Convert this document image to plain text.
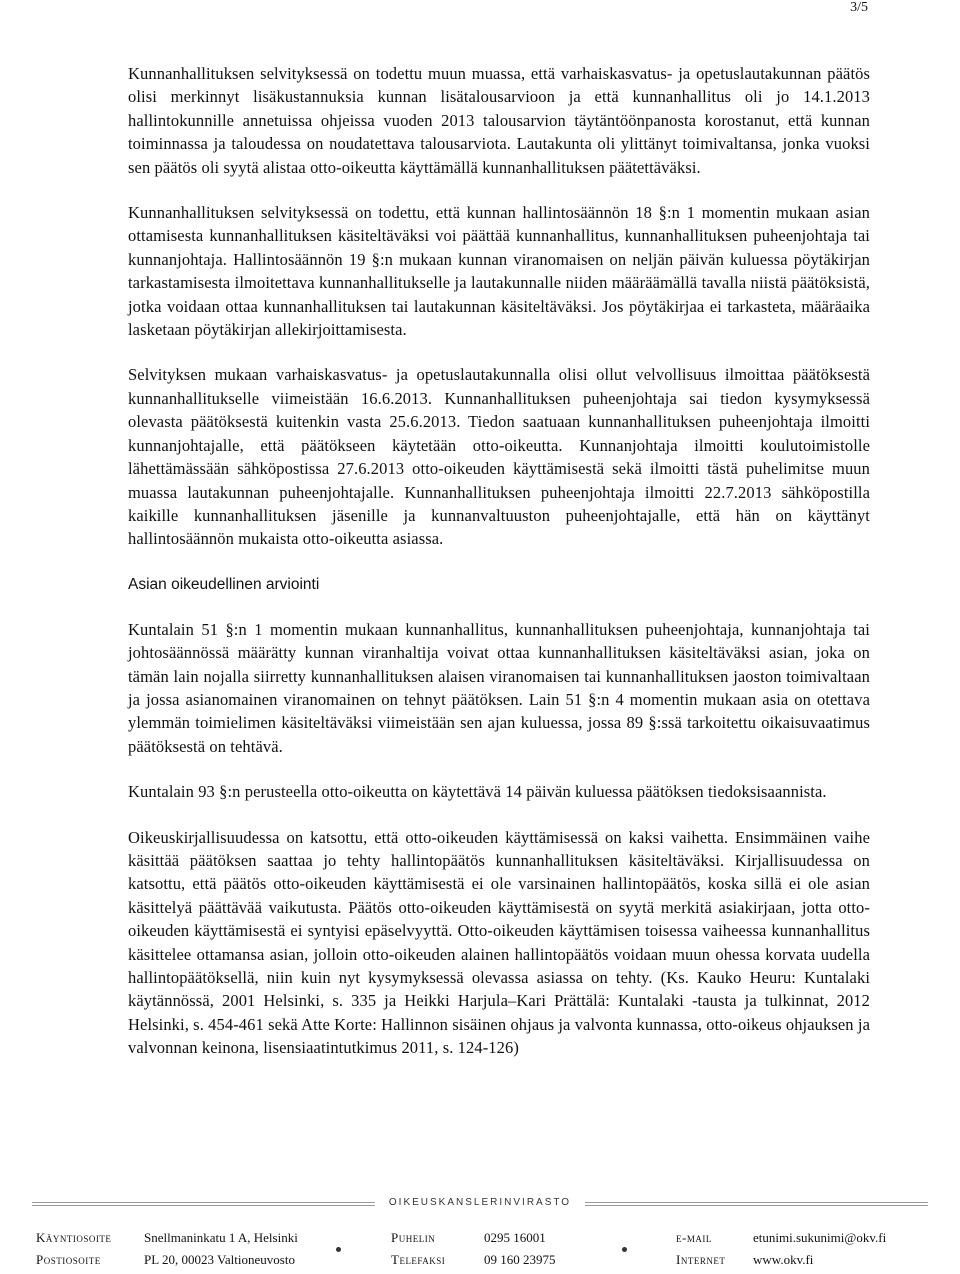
3/5

Kunnanhallituksen selvityksessä on todettu muun muassa, että varhaiskasvatus- ja opetuslautakunnan päätös olisi merkinnyt lisäkustannuksia kunnan lisätalousarvioon ja että kunnanhallitus oli jo 14.1.2013 hallintokunnille annetuissa ohjeissa vuoden 2013 talousarvion täytäntöönpanosta korostanut, että kunnan toiminnassa ja taloudessa on noudatettava talousarviota. Lautakunta oli ylittänyt toimivaltansa, jonka vuoksi sen päätös oli syytä alistaa otto-oikeutta käyttämällä kunnanhallituksen päätettäväksi.

Kunnanhallituksen selvityksessä on todettu, että kunnan hallintosäännön 18 §:n 1 momentin mukaan asian ottamisesta kunnanhallituksen käsiteltäväksi voi päättää kunnanhallitus, kunnanhallituksen puheenjohtaja tai kunnanjohtaja. Hallintosäännön 19 §:n mukaan kunnan viranomaisen on neljän päivän kuluessa pöytäkirjan tarkastamisesta ilmoitettava kunnanhallitukselle ja lautakunnalle niiden määräämällä tavalla niistä päätöksistä, jotka voidaan ottaa kunnanhallituksen tai lautakunnan käsiteltäväksi. Jos pöytäkirjaa ei tarkasteta, määräaika lasketaan pöytäkirjan allekirjoittamisesta.

Selvityksen mukaan varhaiskasvatus- ja opetuslautakunnalla olisi ollut velvollisuus ilmoittaa päätöksestä kunnanhallitukselle viimeistään 16.6.2013. Kunnanhallituksen puheenjohtaja sai tiedon kysymyksessä olevasta päätöksestä kuitenkin vasta 25.6.2013. Tiedon saatuaan kunnanhallituksen puheenjohtaja ilmoitti kunnanjohtajalle, että päätökseen käytetään otto-oikeutta. Kunnanjohtaja ilmoitti koulutoimistolle lähettämässään sähköpostissa 27.6.2013 otto-oikeuden käyttämisestä sekä ilmoitti tästä puhelimitse muun muassa lautakunnan puheenjohtajalle. Kunnanhallituksen puheenjohtaja ilmoitti 22.7.2013 sähköpostilla kaikille kunnanhallituksen jäsenille ja kunnanvaltuuston puheenjohtajalle, että hän on käyttänyt hallintosäännön mukaista otto-oikeutta asiassa.

Asian oikeudellinen arviointi

Kuntalain 51 §:n 1 momentin mukaan kunnanhallitus, kunnanhallituksen puheenjohtaja, kunnanjohtaja tai johtosäännössä määrätty kunnan viranhaltija voivat ottaa kunnanhallituksen käsiteltäväksi asian, joka on tämän lain nojalla siirretty kunnanhallituksen alaisen viranomaisen tai kunnanhallituksen jaoston toimivaltaan ja jossa asianomainen viranomainen on tehnyt päätöksen. Lain 51 §:n 4 momentin mukaan asia on otettava ylemmän toimielimen käsiteltäväksi viimeistään sen ajan kuluessa, jossa 89 §:ssä tarkoitettu oikaisuvaatimus päätöksestä on tehtävä.

Kuntalain 93 §:n perusteella otto-oikeutta on käytettävä 14 päivän kuluessa päätöksen tiedoksisaannista.

Oikeuskirjallisuudessa on katsottu, että otto-oikeuden käyttämisessä on kaksi vaihetta. Ensimmäinen vaihe käsittää päätöksen saattaa jo tehty hallintopäätös kunnanhallituksen käsiteltäväksi. Kirjallisuudessa on katsottu, että päätös otto-oikeuden käyttämisestä ei ole varsinainen hallintopäätös, koska sillä ei ole asian käsittelyä päättävää vaikutusta. Päätös otto-oikeuden käyttämisestä on syytä merkitä asiakirjaan, jotta otto-oikeuden käyttämisestä ei syntyisi epäselvyyttä. Otto-oikeuden käyttämisen toisessa vaiheessa kunnanhallitus käsittelee ottamansa asian, jolloin otto-oikeuden alainen hallintopäätös voidaan muun ohessa korvata uudella hallintopäätöksellä, niin kuin nyt kysymyksessä olevassa asiassa on tehty. (Ks. Kauko Heuru: Kuntalaki käytännössä, 2001 Helsinki, s. 335 ja Heikki Harjula–Kari Prättälä: Kuntalaki -tausta ja tulkinnat, 2012 Helsinki, s. 454-461 sekä Atte Korte: Hallinnon sisäinen ohjaus ja valvonta kunnassa, otto-oikeus ohjauksen ja valvonnan keinona, lisensiaatintutkimus 2011, s. 124-126)

OIKEUSKANSLERINVIRASTO
Käyntiosoite	Snellmaninkatu 1 A, Helsinki	Puhelin	0295 16001	e-mail	etunimi.sukunimi@okv.fi
Postiosoite	PL 20, 00023 Valtioneuvosto	Telefaksi	09 160 23975	Internet www.okv.fi
